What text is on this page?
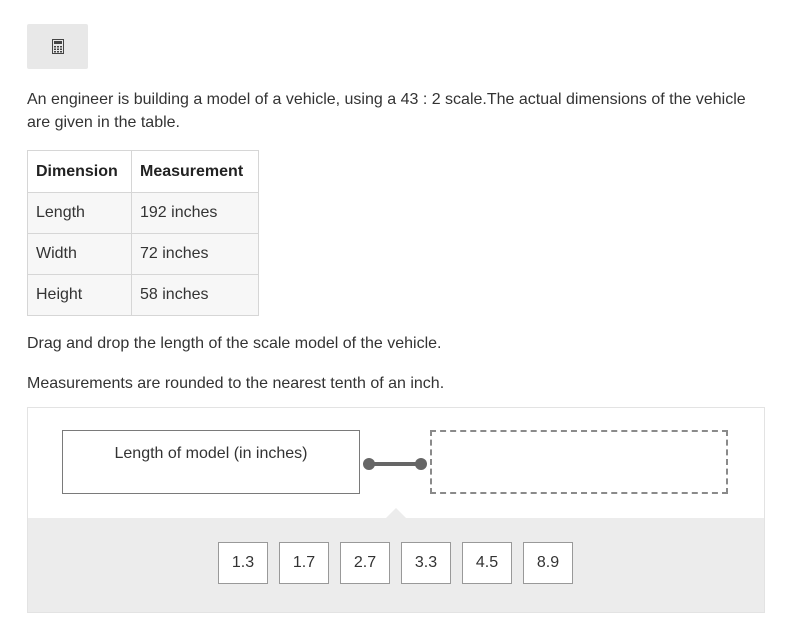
An engineer is building a model of a vehicle, using a 43 : 2 scale.The actual dimensions of the vehicle are given in the table.

Dimension	Measurement
Length	192 inches
Width	72 inches
Height	58 inches

Drag and drop the length of the scale model of the vehicle.

Measurements are rounded to the nearest tenth of an inch.

Length of model (in inches)
1.3	1.7	2.7	3.3	4.5	8.9
